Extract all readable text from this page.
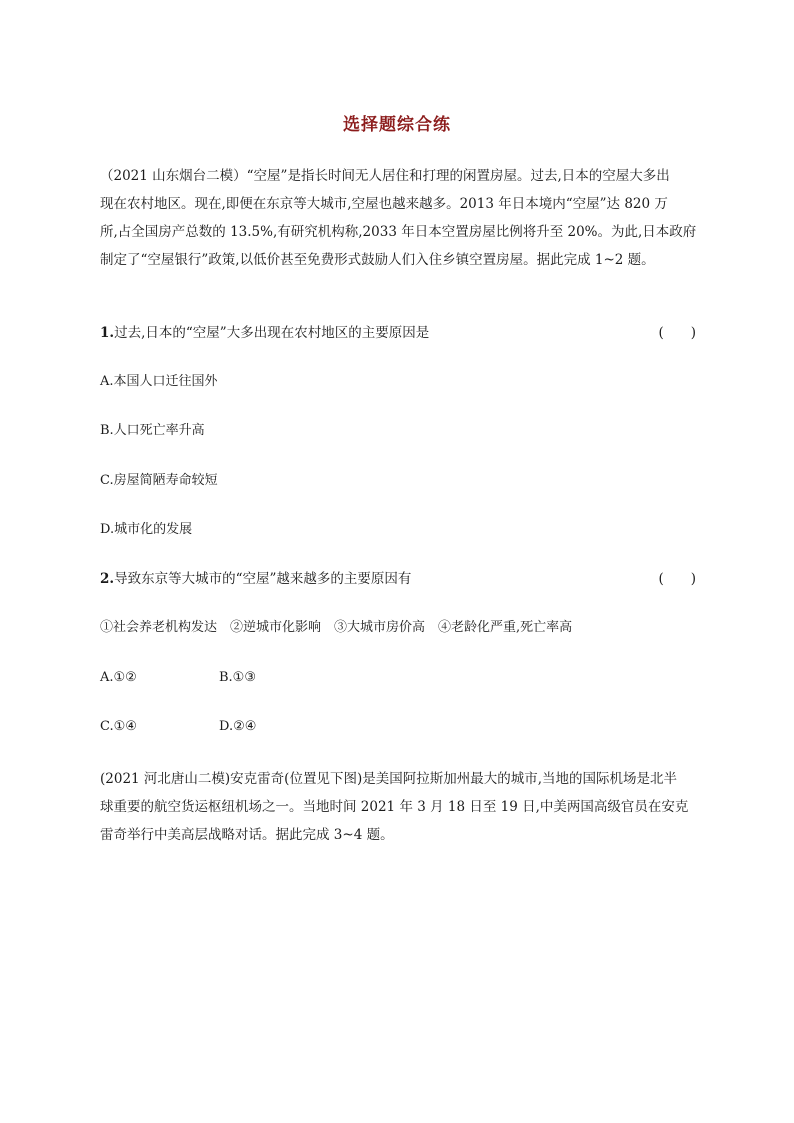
选择题综合练
（2021 山东烟台二模）“空屋”是指长时间无人居住和打理的闲置房屋。过去,日本的空屋大多出
现在农村地区。现在,即便在东京等大城市,空屋也越来越多。2013 年日本境内“空屋”达 820 万
所,占全国房产总数的 13.5%,有研究机构称,2033 年日本空置房屋比例将升至 20%。为此,日本政府
制定了“空屋银行”政策,以低价甚至免费形式鼓励人们入住乡镇空置房屋。据此完成 1~2 题。
1.过去,日本的“空屋”大多出现在农村地区的主要原因是	(　　)
A.本国人口迁往国外
B.人口死亡率升高
C.房屋简陋寿命较短
D.城市化的发展
2.导致东京等大城市的“空屋”越来越多的主要原因有	(　　)
①社会养老机构发达　②逆城市化影响　③大城市房价高　④老龄化严重,死亡率高
A.①②	B.①③
C.①④	D.②④
(2021 河北唐山二模)安克雷奇(位置见下图)是美国阿拉斯加州最大的城市,当地的国际机场是北半
球重要的航空货运枢纽机场之一。当地时间 2021 年 3 月 18 日至 19 日,中美两国高级官员在安克
雷奇举行中美高层战略对话。据此完成 3~4 题。
